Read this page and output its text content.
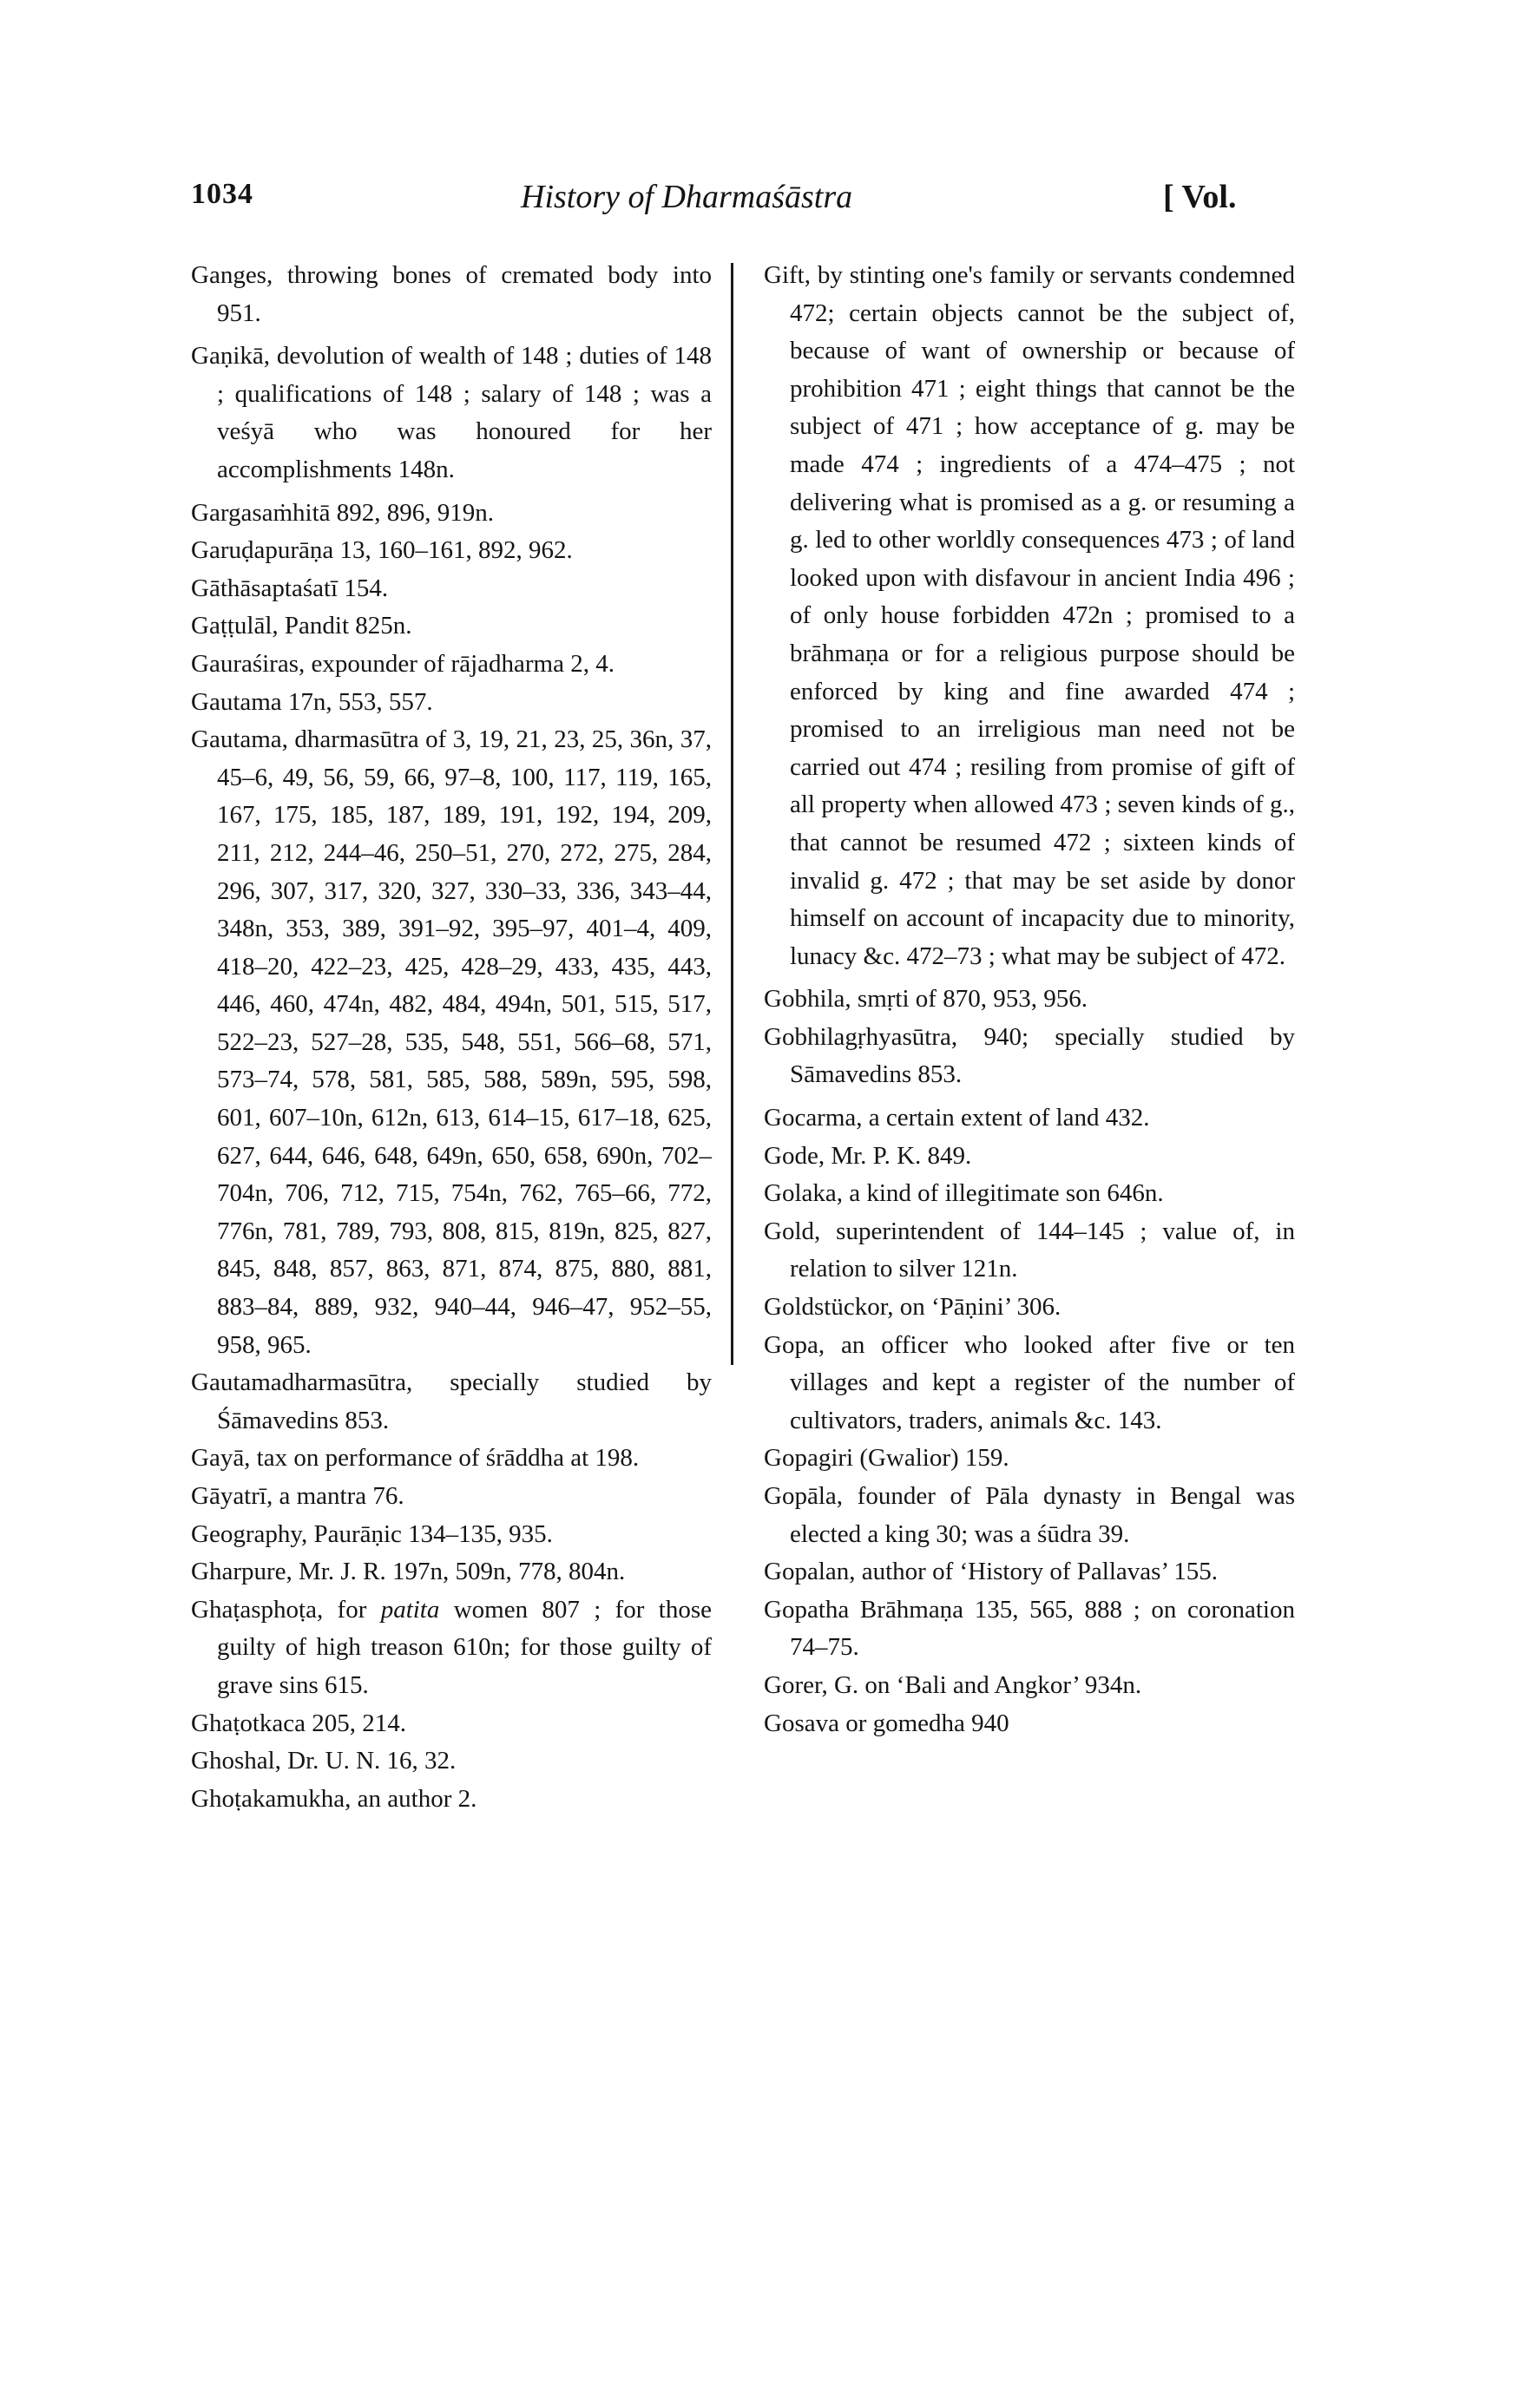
1034	History of Dharmaśāstra	[ Vol.
Ganges, throwing bones of cremated body into 951.
Gaṇikā, devolution of wealth of 148 ; duties of 148 ; qualifications of 148 ; salary of 148 ; was a veśyā who was honoured for her accomplishments 148n.
Gargasaṁhitā 892, 896, 919n.
Garuḍapurāṇa 13, 160–161, 892, 962.
Gāthāsaptaśatī 154.
Gaṭṭulāl, Pandit 825n.
Gauraśiras, expounder of rājadharma 2, 4.
Gautama 17n, 553, 557.
Gautama, dharmasūtra of 3, 19, 21, 23, 25, 36n, 37, 45–6, 49, 56, 59, 66, 97–8, 100, 117, 119, 165, 167, 175, 185, 187, 189, 191, 192, 194, 209, 211, 212, 244–46, 250–51, 270, 272, 275, 284, 296, 307, 317, 320, 327, 330–33, 336, 343–44, 348n, 353, 389, 391–92, 395–97, 401–4, 409, 418–20, 422–23, 425, 428–29, 433, 435, 443, 446, 460, 474n, 482, 484, 494n, 501, 515, 517, 522–23, 527–28, 535, 548, 551, 566–68, 571, 573–74, 578, 581, 585, 588, 589n, 595, 598, 601, 607–10n, 612n, 613, 614–15, 617–18, 625, 627, 644, 646, 648, 649n, 650, 658, 690n, 702–704n, 706, 712, 715, 754n, 762, 765–66, 772, 776n, 781, 789, 793, 808, 815, 819n, 825, 827, 845, 848, 857, 863, 871, 874, 875, 880, 881, 883–84, 889, 932, 940–44, 946–47, 952–55, 958, 965.
Gautamadharmasūtra, specially studied by Śāmavedins 853.
Gayā, tax on performance of śrāddha at 198.
Gāyatrī, a mantra 76.
Geography, Paurāṇic 134–135, 935.
Gharpure, Mr. J. R. 197n, 509n, 778, 804n.
Ghaṭasphoṭa, for patita women 807 ; for those guilty of high treason 610n; for those guilty of grave sins 615.
Ghaṭotkaca 205, 214.
Ghoshal, Dr. U. N. 16, 32.
Ghoṭakamukha, an author 2.
Gift, by stinting one's family or servants condemned 472; certain objects cannot be the subject of, because of want of ownership or because of prohibition 471 ; eight things that cannot be the subject of 471 ; how acceptance of g. may be made 474 ; ingredients of a 474–475 ; not delivering what is promised as a g. or resuming a g. led to other worldly consequences 473 ; of land looked upon with disfavour in ancient India 496 ; of only house forbidden 472n ; promised to a brāhmaṇa or for a religious purpose should be enforced by king and fine awarded 474 ; promised to an irreligious man need not be carried out 474 ; resiling from promise of gift of all property when allowed 473 ; seven kinds of g., that cannot be resumed 472 ; sixteen kinds of invalid g. 472 ; that may be set aside by donor himself on account of incapacity due to minority, lunacy &c. 472–73 ; what may be subject of 472.
Gobhila, smṛti of 870, 953, 956.
Gobhilagṛhyasūtra, 940; specially studied by Sāmavedins 853.
Gocarma, a certain extent of land 432.
Gode, Mr. P. K. 849.
Golaka, a kind of illegitimate son 646n.
Gold, superintendent of 144–145 ; value of, in relation to silver 121n.
Goldstückor, on ‘Pāṇini’ 306.
Gopa, an officer who looked after five or ten villages and kept a register of the number of cultivators, traders, animals &c. 143.
Gopagiri (Gwalior) 159.
Gopāla, founder of Pāla dynasty in Bengal was elected a king 30; was a śūdra 39.
Gopalan, author of ‘History of Pallavas’ 155.
Gopatha Brāhmaṇa 135, 565, 888 ; on coronation 74–75.
Gorer, G. on ‘Bali and Angkor’ 934n.
Gosava or gomedha 940
